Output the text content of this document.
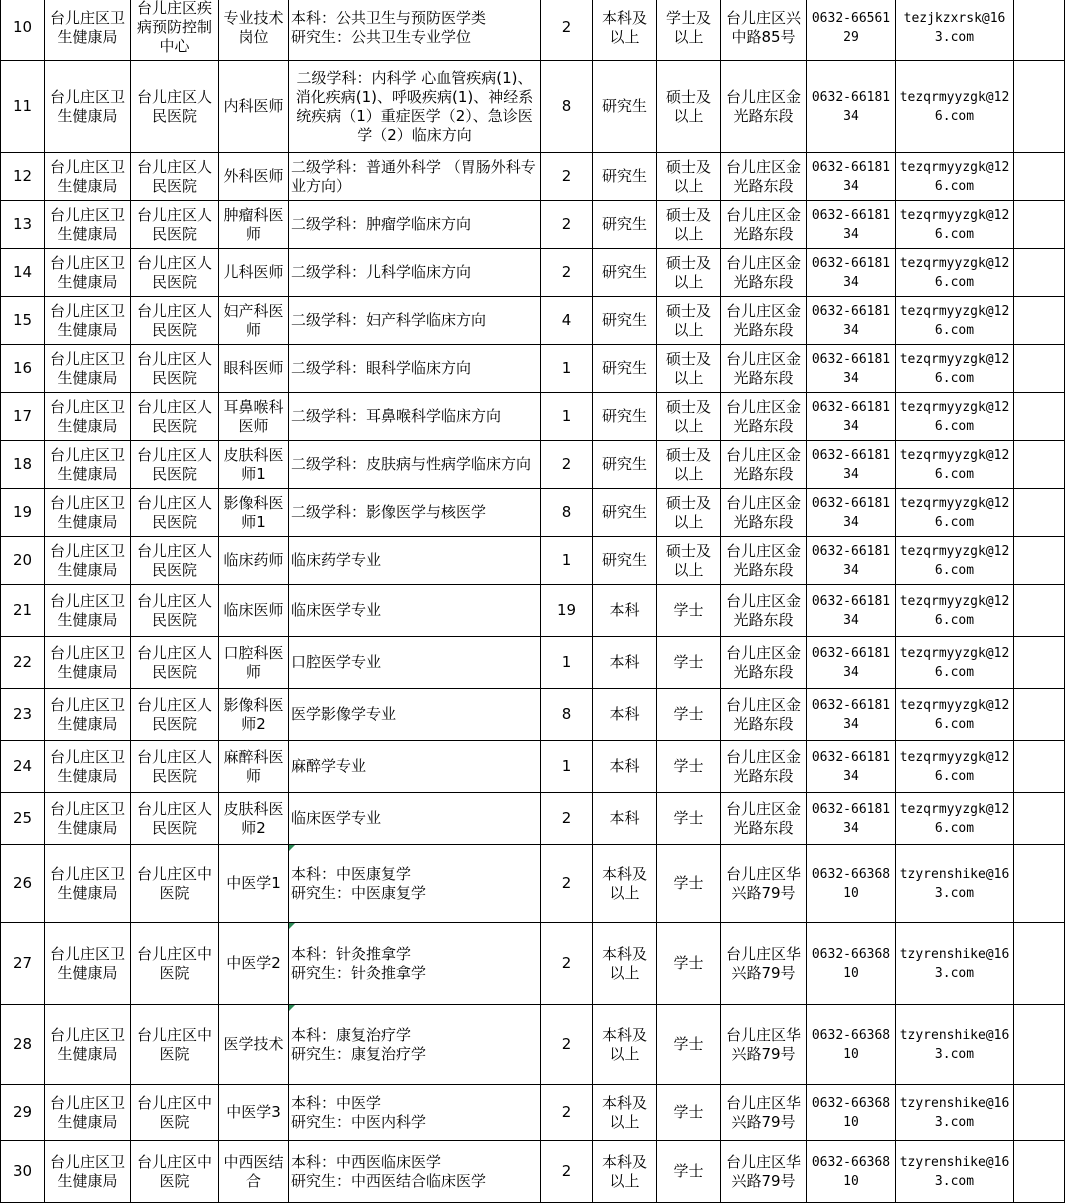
10	台儿庄区卫生健康局	台儿庄区疾病预防控制中心	专业技术岗位	本科：公共卫生与预防医学类
研究生：公共卫生专业学位	2	本科及以上	学士及以上	台儿庄区兴中路85号	0632-6656129	tezjkzxrsk@163.com	
11	台儿庄区卫生健康局	台儿庄区人民医院	内科医师	二级学科：内科学 心血管疾病(1)、消化疾病(1)、呼吸疾病(1)、神经系统疾病（1）重症医学（2）、急诊医学（2）临床方向	8	研究生	硕士及以上	台儿庄区金光路东段	0632-6618134	tezqrmyyzgk@126.com	
12	台儿庄区卫生健康局	台儿庄区人民医院	外科医师	二级学科：普通外科学 （胃肠外科专业方向）	2	研究生	硕士及以上	台儿庄区金光路东段	0632-6618134	tezqrmyyzgk@126.com	
13	台儿庄区卫生健康局	台儿庄区人民医院	肿瘤科医师	二级学科：肿瘤学临床方向	2	研究生	硕士及以上	台儿庄区金光路东段	0632-6618134	tezqrmyyzgk@126.com	
14	台儿庄区卫生健康局	台儿庄区人民医院	儿科医师	二级学科：儿科学临床方向	2	研究生	硕士及以上	台儿庄区金光路东段	0632-6618134	tezqrmyyzgk@126.com	
15	台儿庄区卫生健康局	台儿庄区人民医院	妇产科医师	二级学科：妇产科学临床方向	4	研究生	硕士及以上	台儿庄区金光路东段	0632-6618134	tezqrmyyzgk@126.com	
16	台儿庄区卫生健康局	台儿庄区人民医院	眼科医师	二级学科：眼科学临床方向	1	研究生	硕士及以上	台儿庄区金光路东段	0632-6618134	tezqrmyyzgk@126.com	
17	台儿庄区卫生健康局	台儿庄区人民医院	耳鼻喉科医师	二级学科：耳鼻喉科学临床方向	1	研究生	硕士及以上	台儿庄区金光路东段	0632-6618134	tezqrmyyzgk@126.com	
18	台儿庄区卫生健康局	台儿庄区人民医院	皮肤科医师1	二级学科：皮肤病与性病学临床方向	2	研究生	硕士及以上	台儿庄区金光路东段	0632-6618134	tezqrmyyzgk@126.com	
19	台儿庄区卫生健康局	台儿庄区人民医院	影像科医师1	二级学科：影像医学与核医学	8	研究生	硕士及以上	台儿庄区金光路东段	0632-6618134	tezqrmyyzgk@126.com	
20	台儿庄区卫生健康局	台儿庄区人民医院	临床药师	临床药学专业	1	研究生	硕士及以上	台儿庄区金光路东段	0632-6618134	tezqrmyyzgk@126.com	
21	台儿庄区卫生健康局	台儿庄区人民医院	临床医师	临床医学专业	19	本科	学士	台儿庄区金光路东段	0632-6618134	tezqrmyyzgk@126.com	
22	台儿庄区卫生健康局	台儿庄区人民医院	口腔科医师	口腔医学专业	1	本科	学士	台儿庄区金光路东段	0632-6618134	tezqrmyyzgk@126.com	
23	台儿庄区卫生健康局	台儿庄区人民医院	影像科医师2	医学影像学专业	8	本科	学士	台儿庄区金光路东段	0632-6618134	tezqrmyyzgk@126.com	
24	台儿庄区卫生健康局	台儿庄区人民医院	麻醉科医师	麻醉学专业	1	本科	学士	台儿庄区金光路东段	0632-6618134	tezqrmyyzgk@126.com	
25	台儿庄区卫生健康局	台儿庄区人民医院	皮肤科医师2	临床医学专业	2	本科	学士	台儿庄区金光路东段	0632-6618134	tezqrmyyzgk@126.com	
26	台儿庄区卫生健康局	台儿庄区中医院	中医学1	本科：中医康复学
研究生：中医康复学	2	本科及以上	学士	台儿庄区华兴路79号	0632-6636810	tzyrenshike@163.com	
27	台儿庄区卫生健康局	台儿庄区中医院	中医学2	本科：针灸推拿学
研究生：针灸推拿学	2	本科及以上	学士	台儿庄区华兴路79号	0632-6636810	tzyrenshike@163.com	
28	台儿庄区卫生健康局	台儿庄区中医院	医学技术	本科：康复治疗学
研究生：康复治疗学	2	本科及以上	学士	台儿庄区华兴路79号	0632-6636810	tzyrenshike@163.com	
29	台儿庄区卫生健康局	台儿庄区中医院	中医学3	本科：中医学
研究生：中医内科学	2	本科及以上	学士	台儿庄区华兴路79号	0632-6636810	tzyrenshike@163.com	
30	台儿庄区卫生健康局	台儿庄区中医院	中西医结合	本科：中西医临床医学
研究生：中西医结合临床医学	2	本科及以上	学士	台儿庄区华兴路79号	0632-6636810	tzyrenshike@163.com	
